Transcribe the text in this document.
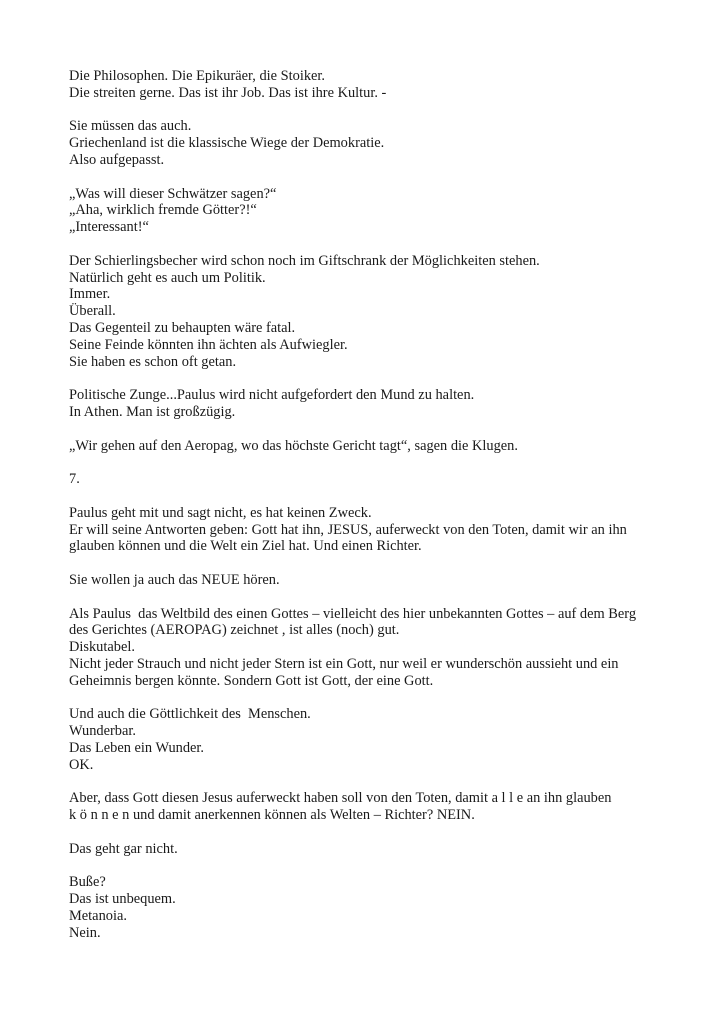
Die Philosophen. Die Epikuräer, die Stoiker.
Die streiten gerne. Das ist ihr Job. Das ist ihre Kultur. -
Sie müssen das auch.
Griechenland ist die klassische Wiege der Demokratie.
Also aufgepasst.
„Was will dieser Schwätzer sagen?“
„Aha, wirklich fremde Götter?!“
„Interessant!“
Der Schierlingsbecher wird schon noch im Giftschrank der Möglichkeiten stehen.
Natürlich geht es auch um Politik.
Immer.
Überall.
Das Gegenteil zu behaupten wäre fatal.
Seine Feinde könnten ihn ächten als Aufwiegler.
Sie haben es schon oft getan.
Politische Zunge...Paulus wird nicht aufgefordert den Mund zu halten.
In Athen. Man ist großzügig.
„Wir gehen auf den Aeropag, wo das höchste Gericht tagt“, sagen die Klugen.
7.
Paulus geht mit und sagt nicht, es hat keinen Zweck.
Er will seine Antworten geben: Gott hat ihn, JESUS, auferweckt von den Toten, damit wir an ihn
glauben können und die Welt ein Ziel hat. Und einen Richter.
Sie wollen ja auch das NEUE hören.
Als Paulus  das Weltbild des einen Gottes – vielleicht des hier unbekannten Gottes – auf dem Berg
des Gerichtes (AEROPAG) zeichnet , ist alles (noch) gut.
Diskutabel.
Nicht jeder Strauch und nicht jeder Stern ist ein Gott, nur weil er wunderschön aussieht und ein
Geheimnis bergen könnte. Sondern Gott ist Gott, der eine Gott.
Und auch die Göttlichkeit des  Menschen.
Wunderbar.
Das Leben ein Wunder.
OK.
Aber, dass Gott diesen Jesus auferweckt haben soll von den Toten, damit a l l e an ihn glauben
k ö n n e n und damit anerkennen können als Welten – Richter? NEIN.
Das geht gar nicht.
Buße?
Das ist unbequem.
Metanoia.
Nein.
